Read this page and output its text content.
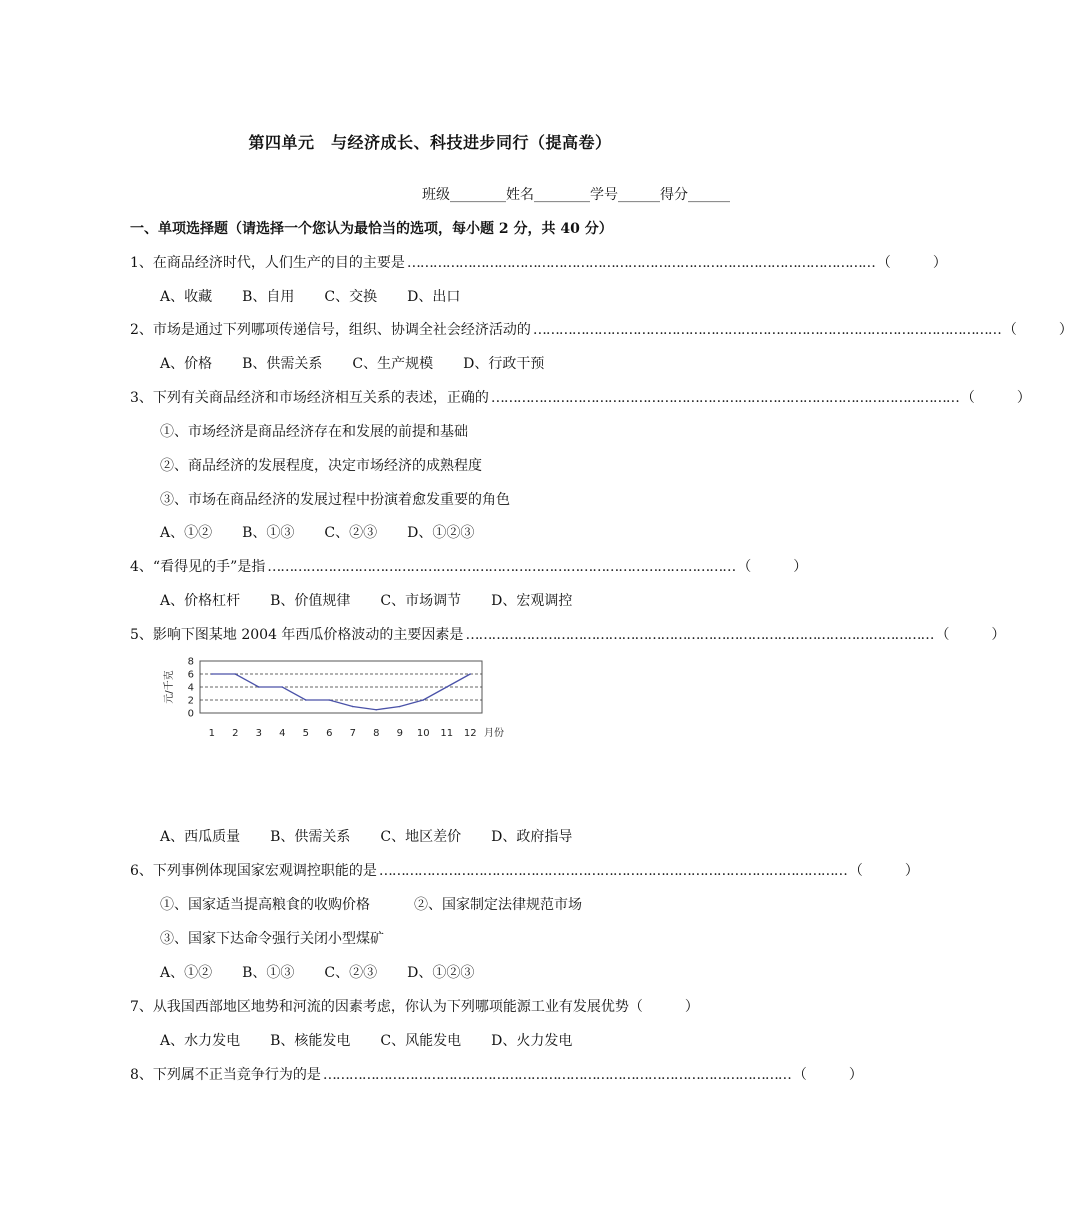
第四单元　与经济成长、科技进步同行（提高卷）
班级________姓名________学号______得分______
一、单项选择题（请选择一个您认为最恰当的选项，每小题 2 分，共 40 分）
1、在商品经济时代，人们生产的目的主要是 ……………………………………………………………………………………………… （　　　）
A、收藏 B、自用 C、交换 D、出口
2、市场是通过下列哪项传递信号，组织、协调全社会经济活动的 ……………………………………………………………………………………………… （　　　）
A、价格 B、供需关系 C、生产规模 D、行政干预
3、下列有关商品经济和市场经济相互关系的表述，正确的 ……………………………………………………………………………………………… （　　　）
①、市场经济是商品经济存在和发展的前提和基础
②、商品经济的发展程度，决定市场经济的成熟程度
③、市场在商品经济的发展过程中扮演着愈发重要的角色
A、①② B、①③ C、②③ D、①②③
4、“看得见的手”是指 ……………………………………………………………………………………………… （　　　）
A、价格杠杆 B、价值规律 C、市场调节 D、宏观调控
5、影响下图某地 2004 年西瓜价格波动的主要因素是 ……………………………………………………………………………………………… （　　　）
元/千克
月份
8
6
4
2
0
1 2 3 4 5 6 7 8 9 10 11 12
A、西瓜质量 B、供需关系 C、地区差价 D、政府指导
6、下列事例体现国家宏观调控职能的是 ……………………………………………………………………………………………… （　　　）
①、国家适当提高粮食的收购价格	②、国家制定法律规范市场
③、国家下达命令强行关闭小型煤矿
A、①② B、①③ C、②③ D、①②③
7、从我国西部地区地势和河流的因素考虑，你认为下列哪项能源工业有发展优势 （　　　）
A、水力发电 B、核能发电 C、风能发电 D、火力发电
8、下列属不正当竞争行为的是 ……………………………………………………………………………………………… （　　　）
